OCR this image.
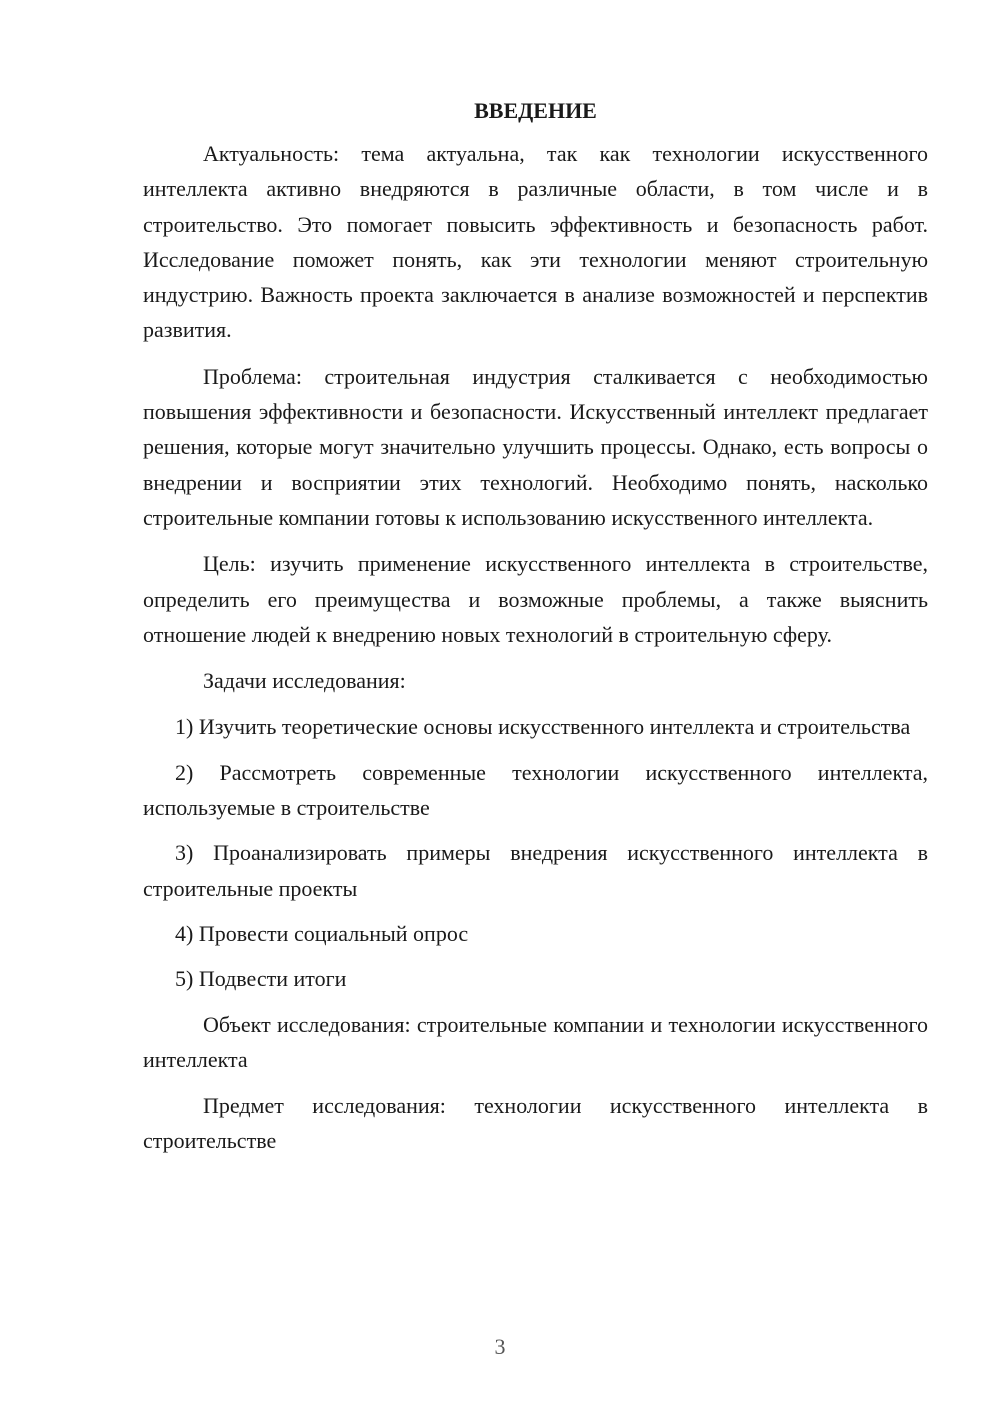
ВВЕДЕНИЕ

Актуальность: тема актуальна, так как технологии искусственного интеллекта активно внедряются в различные области, в том числе и в строительство. Это помогает повысить эффективность и безопасность работ. Исследование поможет понять, как эти технологии меняют строительную индустрию. Важность проекта заключается в анализе возможностей и перспектив развития.

Проблема: строительная индустрия сталкивается с необходимостью повышения эффективности и безопасности. Искусственный интеллект предлагает решения, которые могут значительно улучшить процессы. Однако, есть вопросы о внедрении и восприятии этих технологий. Необходимо понять, насколько строительные компании готовы к использованию искусственного интеллекта.

Цель: изучить применение искусственного интеллекта в строительстве, определить его преимущества и возможные проблемы, а также выяснить отношение людей к внедрению новых технологий в строительную сферу.

Задачи исследования:

1) Изучить теоретические основы искусственного интеллекта и строительства

2) Рассмотреть современные технологии искусственного интеллекта, используемые в строительстве

3) Проанализировать примеры внедрения искусственного интеллекта в строительные проекты

4) Провести социальный опрос

5) Подвести итоги

Объект исследования: строительные компании и технологии искусственного интеллекта

Предмет исследования: технологии искусственного интеллекта в строительстве

3
